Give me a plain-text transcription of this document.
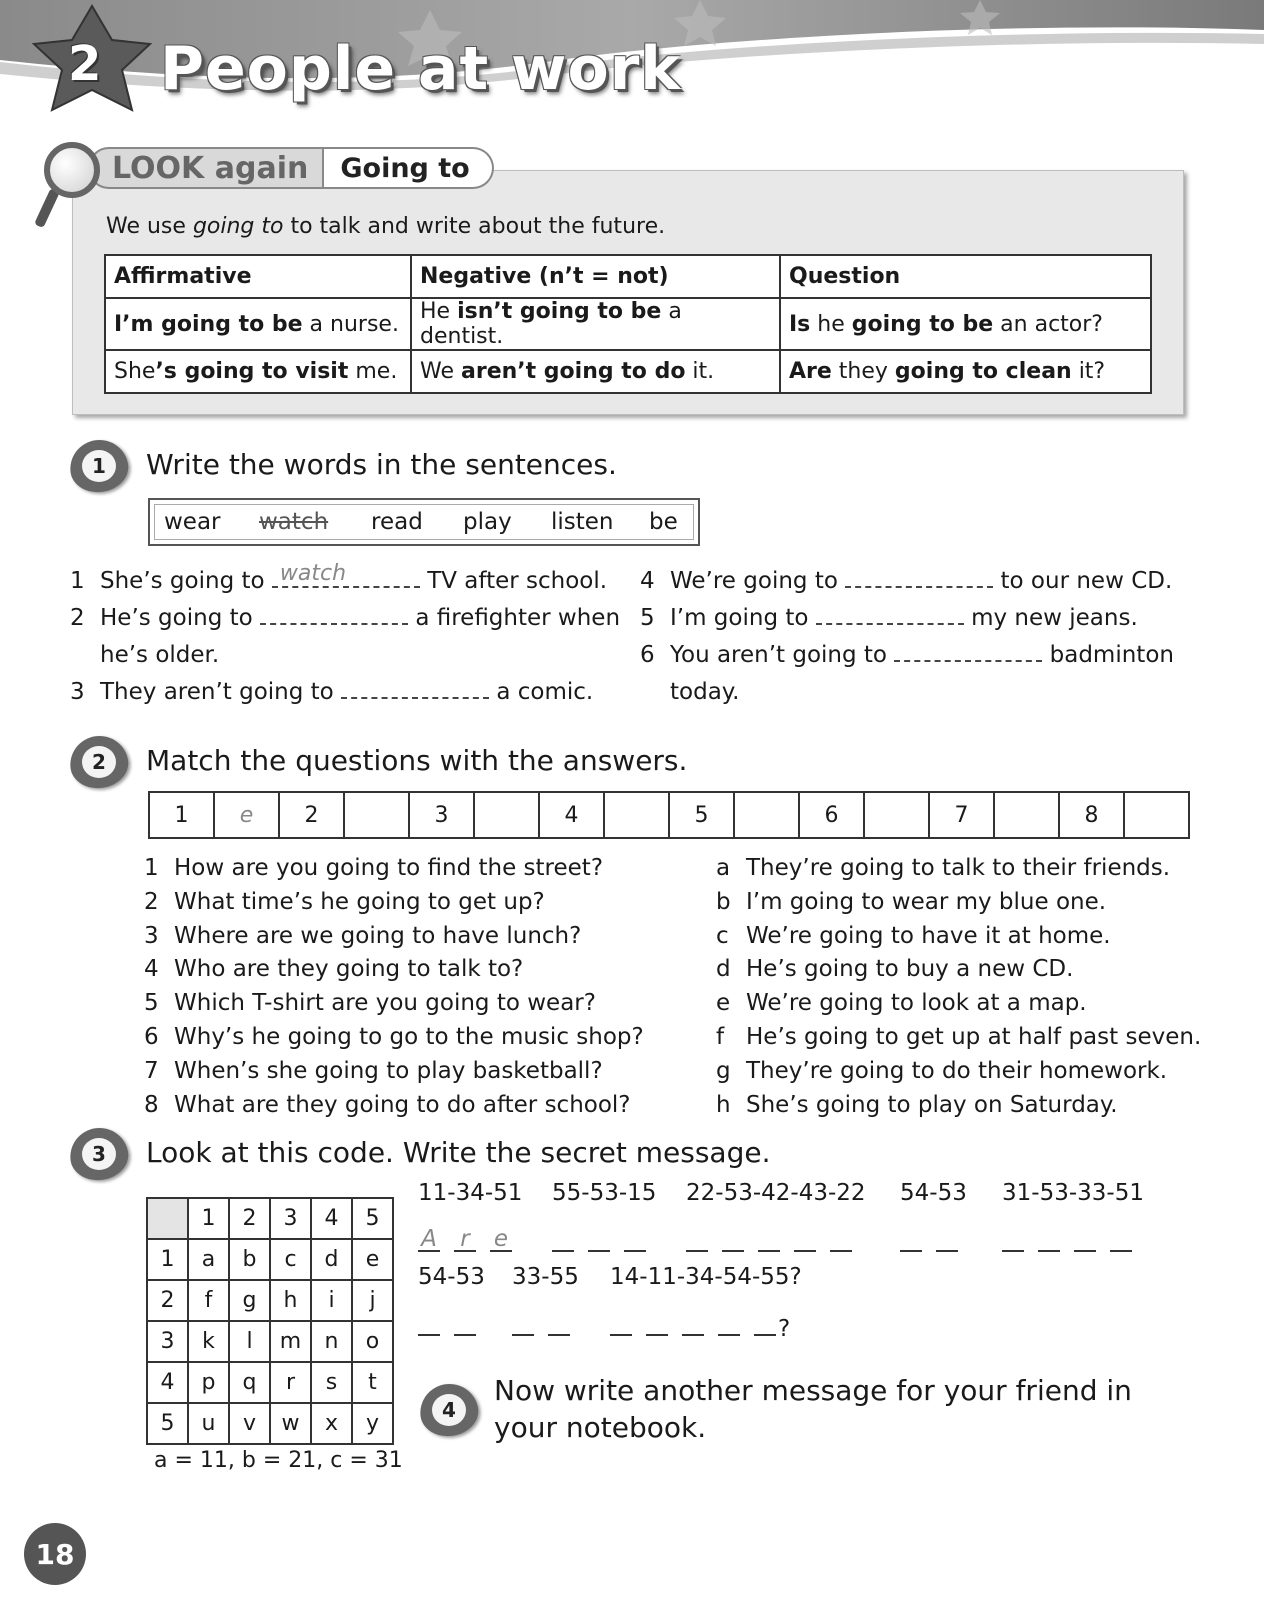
2 People at work
LOOK again	Going to
We use going to to talk and write about the future.
Affirmative	Negative (n’t = not)	Question
I’m going to be a nurse.	He isn’t going to be a dentist.	Is he going to be an actor?
She’s going to visit me.	We aren’t going to do it.	Are they going to clean it?
1	Write the words in the sentences.
wear	watch	read	play	listen	be
1 She’s going to watch	TV after school.
2 He’s going to	a firefighter when
he’s older.
3 They aren’t going to	a comic.
4 We’re going to	to our new CD.
5 I’m going to	my new jeans.
6 You aren’t going to	badminton
today.
2	Match the questions with the answers.
1	e	2		3		4		5		6		7		8	
1 How are you going to find the street?
2 What time’s he going to get up?
3 Where are we going to have lunch?
4 Who are they going to talk to?
5 Which T-shirt are you going to wear?
6 Why’s he going to go to the music shop?
7 When’s she going to play basketball?
8 What are they going to do after school?
a They’re going to talk to their friends.
b I’m going to wear my blue one.
c We’re going to have it at home.
d He’s going to buy a new CD.
e We’re going to look at a map.
f He’s going to get up at half past seven.
g They’re going to do their homework.
h She’s going to play on Saturday.
3	Look at this code. Write the secret message.
	1	2	3	4	5
1	a	b	c	d	e
2	f	g	h	i	j
3	k	l	m	n	o
4	p	q	r	s	t
5	u	v	w	x	y
a = 11, b = 21, c = 31
11-34-51 55-53-15 22-53-42-43-22 54-53 31-53-33-51
A r e
54-53 33-55 14-11-34-54-55?
?
4
Now write another message for your friend in
your notebook.
18
